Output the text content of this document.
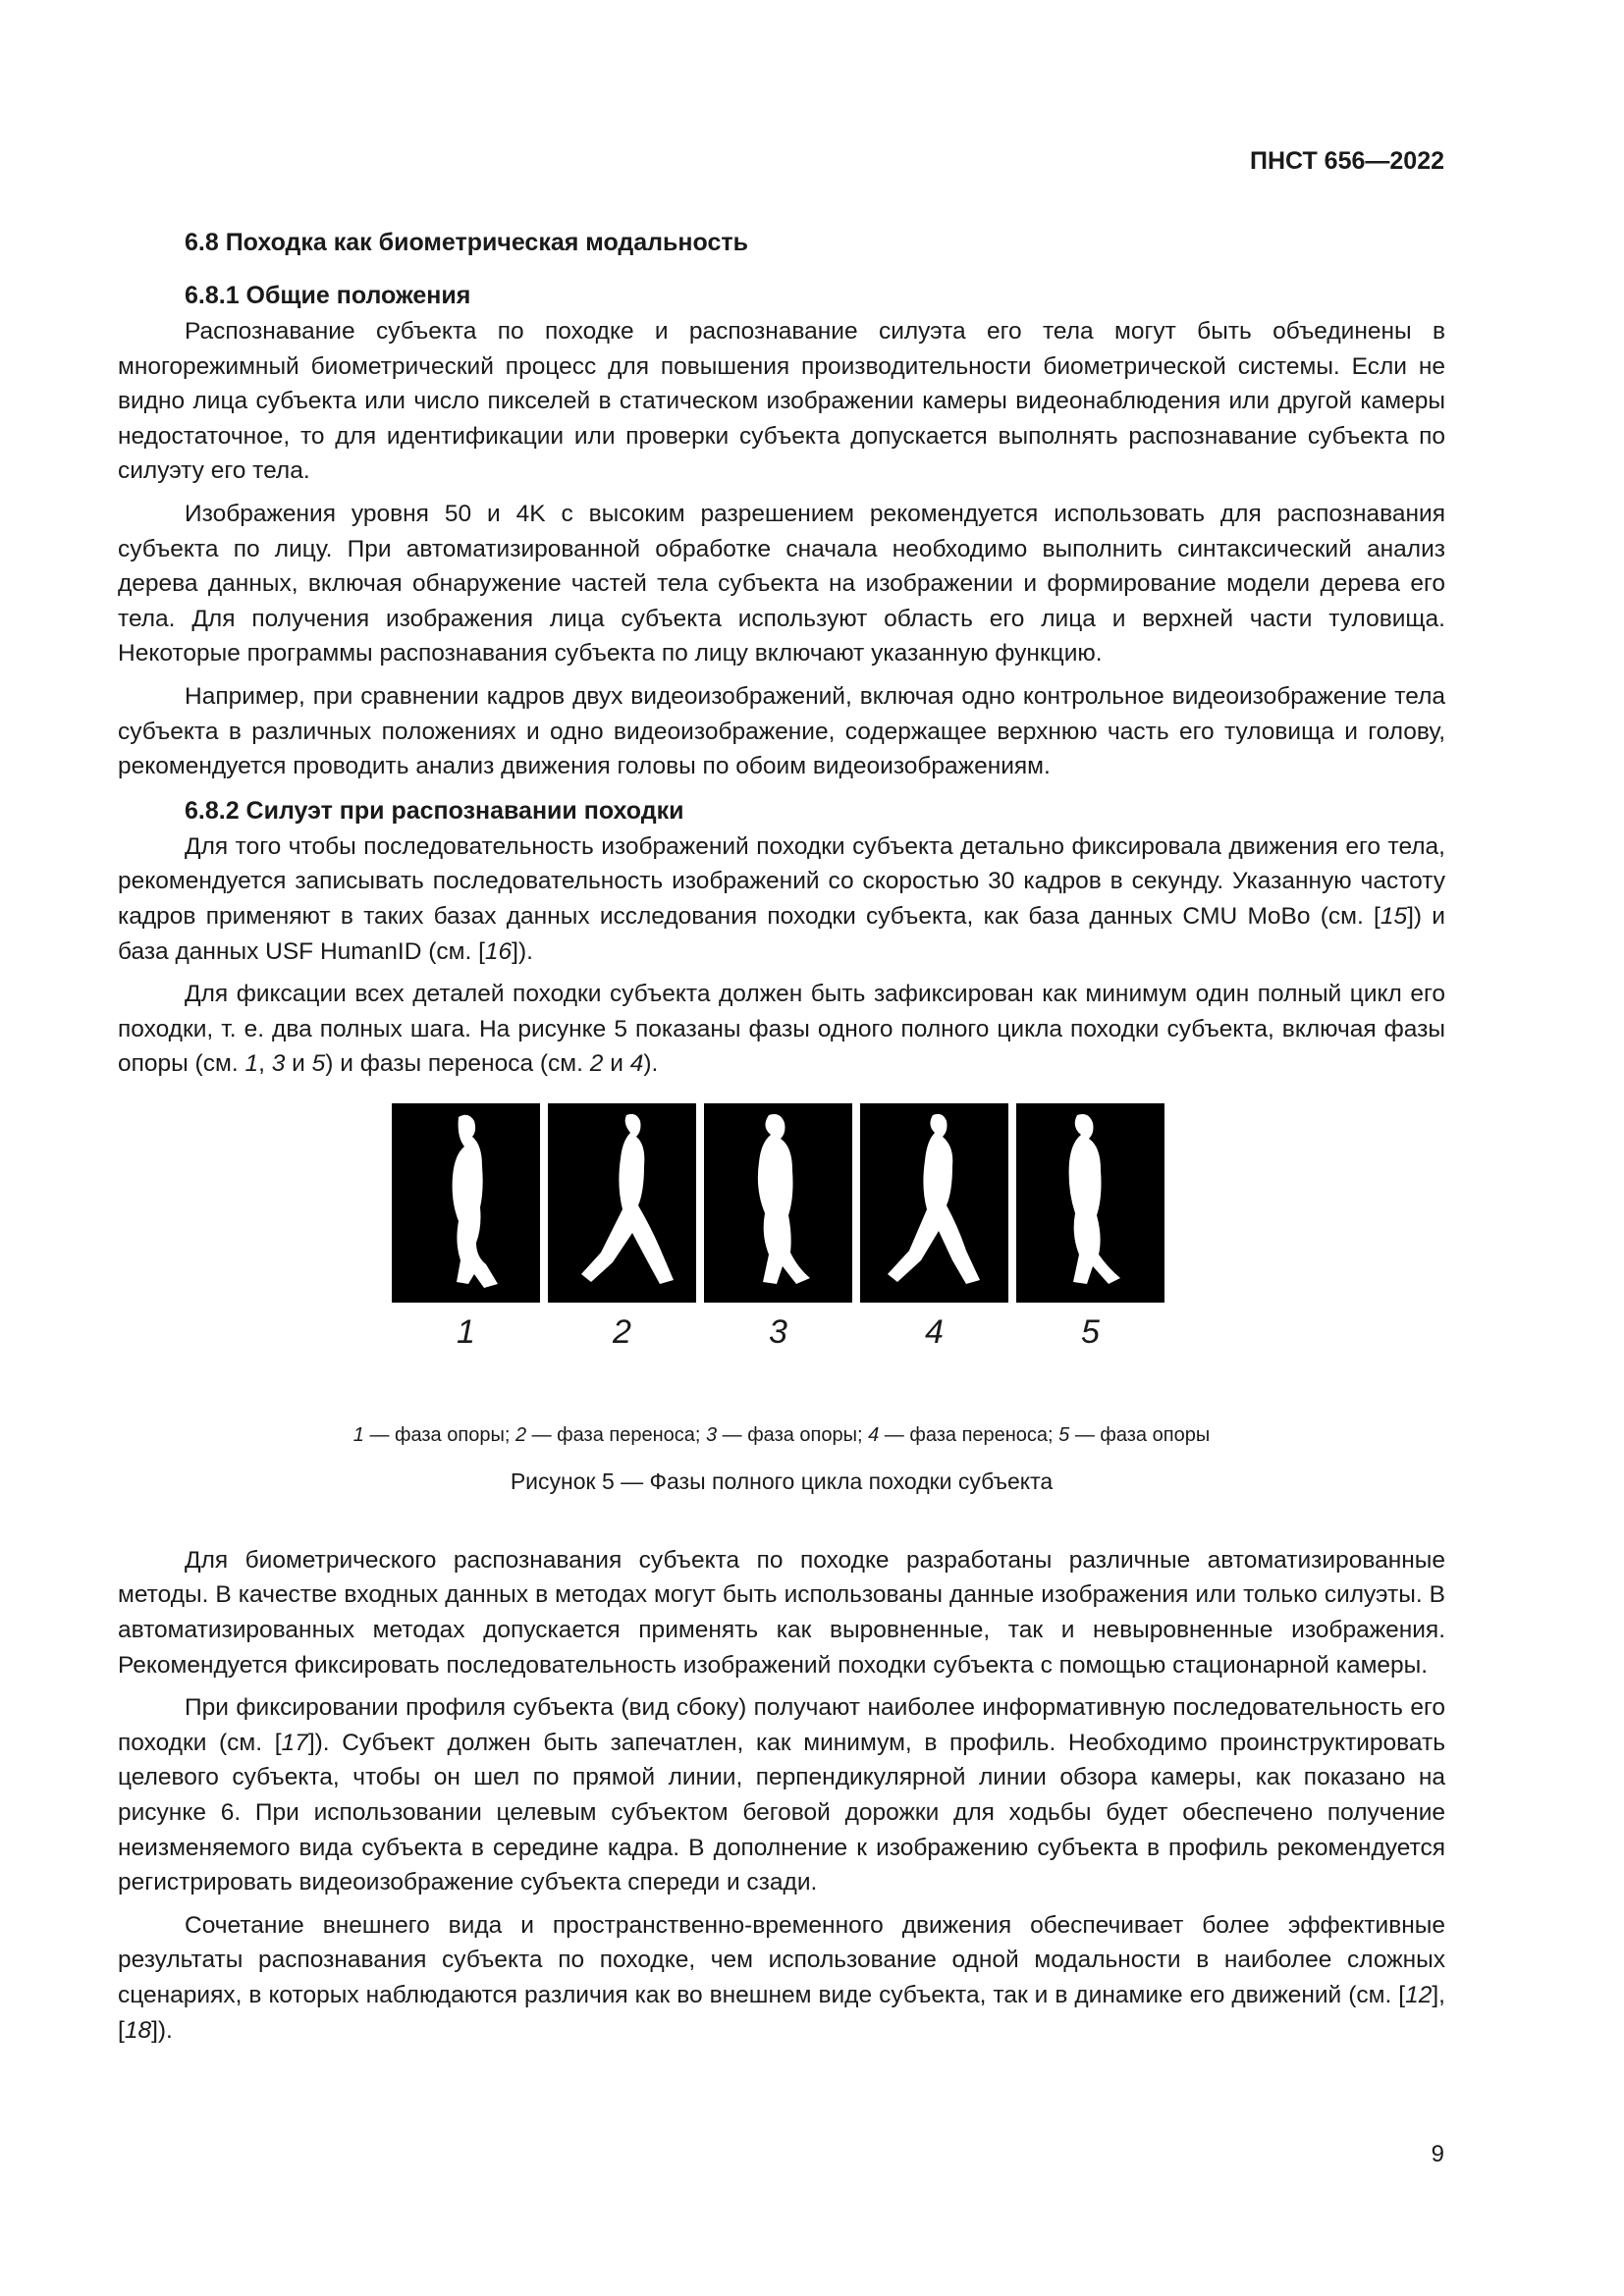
ПНСТ 656—2022
6.8 Походка как биометрическая модальность
6.8.1 Общие положения

Распознавание субъекта по походке и распознавание силуэта его тела могут быть объединены в многорежимный биометрический процесс для повышения производительности биометрической системы. Если не видно лица субъекта или число пикселей в статическом изображении камеры видеонаблюдения или другой камеры недостаточное, то для идентификации или проверки субъекта допускается выполнять распознавание субъекта по силуэту его тела.

Изображения уровня 50 и 4K с высоким разрешением рекомендуется использовать для распознавания субъекта по лицу. При автоматизированной обработке сначала необходимо выполнить синтаксический анализ дерева данных, включая обнаружение частей тела субъекта на изображении и формирование модели дерева его тела. Для получения изображения лица субъекта используют область его лица и верхней части туловища. Некоторые программы распознавания субъекта по лицу включают указанную функцию.

Например, при сравнении кадров двух видеоизображений, включая одно контрольное видеоизображение тела субъекта в различных положениях и одно видеоизображение, содержащее верхнюю часть его туловища и голову, рекомендуется проводить анализ движения головы по обоим видеоизображениям.

6.8.2 Силуэт при распознавании походки

Для того чтобы последовательность изображений походки субъекта детально фиксировала движения его тела, рекомендуется записывать последовательность изображений со скоростью 30 кадров в секунду. Указанную частоту кадров применяют в таких базах данных исследования походки субъекта, как база данных CMU MoBo (см. [15]) и база данных USF HumanID (см. [16]).

Для фиксации всех деталей походки субъекта должен быть зафиксирован как минимум один полный цикл его походки, т. е. два полных шага. На рисунке 5 показаны фазы одного полного цикла походки субъекта, включая фазы опоры (см. 1, 3 и 5) и фазы переноса (см. 2 и 4).

1	2	3	4	5

1 — фаза опоры; 2 — фаза переноса; 3 — фаза опоры; 4 — фаза переноса; 5 — фаза опоры

Рисунок 5 — Фазы полного цикла походки субъекта

Для биометрического распознавания субъекта по походке разработаны различные автоматизированные методы. В качестве входных данных в методах могут быть использованы данные изображения или только силуэты. В автоматизированных методах допускается применять как выровненные, так и невыровненные изображения. Рекомендуется фиксировать последовательность изображений походки субъекта с помощью стационарной камеры.

При фиксировании профиля субъекта (вид сбоку) получают наиболее информативную последовательность его походки (см. [17]). Субъект должен быть запечатлен, как минимум, в профиль. Необходимо проинструктировать целевого субъекта, чтобы он шел по прямой линии, перпендикулярной линии обзора камеры, как показано на рисунке 6. При использовании целевым субъектом беговой дорожки для ходьбы будет обеспечено получение неизменяемого вида субъекта в середине кадра. В дополнение к изображению субъекта в профиль рекомендуется регистрировать видеоизображение субъекта спереди и сзади.

Сочетание внешнего вида и пространственно-временного движения обеспечивает более эффективные результаты распознавания субъекта по походке, чем использование одной модальности в наиболее сложных сценариях, в которых наблюдаются различия как во внешнем виде субъекта, так и в динамике его движений (см. [12], [18]).

9
